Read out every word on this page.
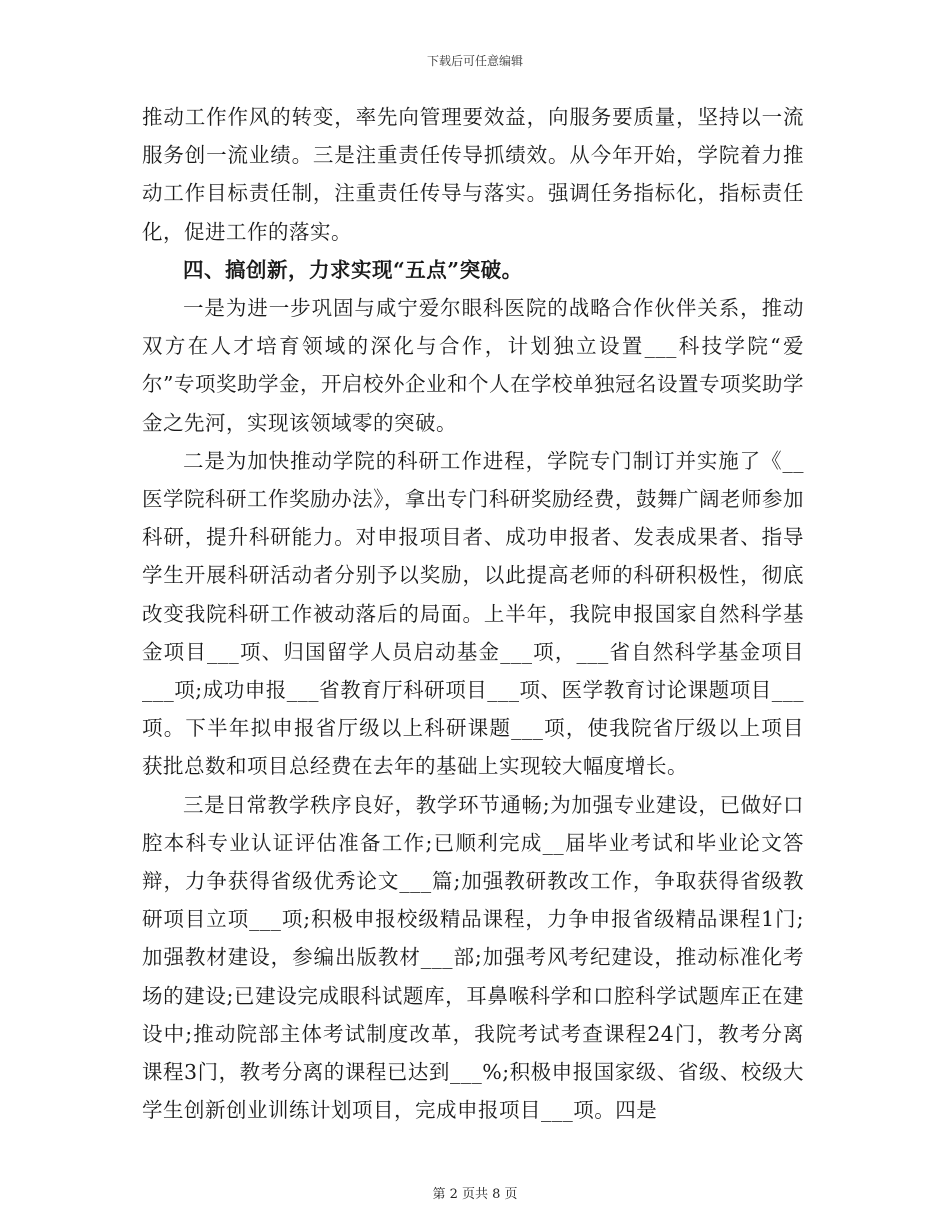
下载后可任意编辑

推动工作作风的转变，率先向管理要效益，向服务要质量，坚持以一流服务创一流业绩。三是注重责任传导抓绩效。从今年开始，学院着力推动工作目标责任制，注重责任传导与落实。强调任务指标化，指标责任化，促进工作的落实。

四、搞创新，力求实现“五点”突破。

一是为进一步巩固与咸宁爱尔眼科医院的战略合作伙伴关系，推动双方在人才培育领域的深化与合作，计划独立设置___科技学院“爱尔”专项奖助学金，开启校外企业和个人在学校单独冠名设置专项奖助学金之先河，实现该领域零的突破。

二是为加快推动学院的科研工作进程，学院专门制订并实施了《__医学院科研工作奖励办法》，拿出专门科研奖励经费，鼓舞广阔老师参加科研，提升科研能力。对申报项目者、成功申报者、发表成果者、指导学生开展科研活动者分别予以奖励，以此提高老师的科研积极性，彻底改变我院科研工作被动落后的局面。上半年，我院申报国家自然科学基金项目___项、归国留学人员启动基金___项，___省自然科学基金项目___项;成功申报___省教育厅科研项目___项、医学教育讨论课题项目___项。下半年拟申报省厅级以上科研课题___项，使我院省厅级以上项目获批总数和项目总经费在去年的基础上实现较大幅度增长。

三是日常教学秩序良好，教学环节通畅;为加强专业建设，已做好口腔本科专业认证评估准备工作;已顺利完成__届毕业考试和毕业论文答辩，力争获得省级优秀论文___篇;加强教研教改工作，争取获得省级教研项目立项___项;积极申报校级精品课程，力争申报省级精品课程1门;加强教材建设，参编出版教材___部;加强考风考纪建设，推动标准化考场的建设;已建设完成眼科试题库，耳鼻喉科学和口腔科学试题库正在建设中;推动院部主体考试制度改革，我院考试考查课程24门，教考分离课程3门，教考分离的课程已达到___%;积极申报国家级、省级、校级大学生创新创业训练计划项目，完成申报项目___项。四是

第 2 页共 8 页
